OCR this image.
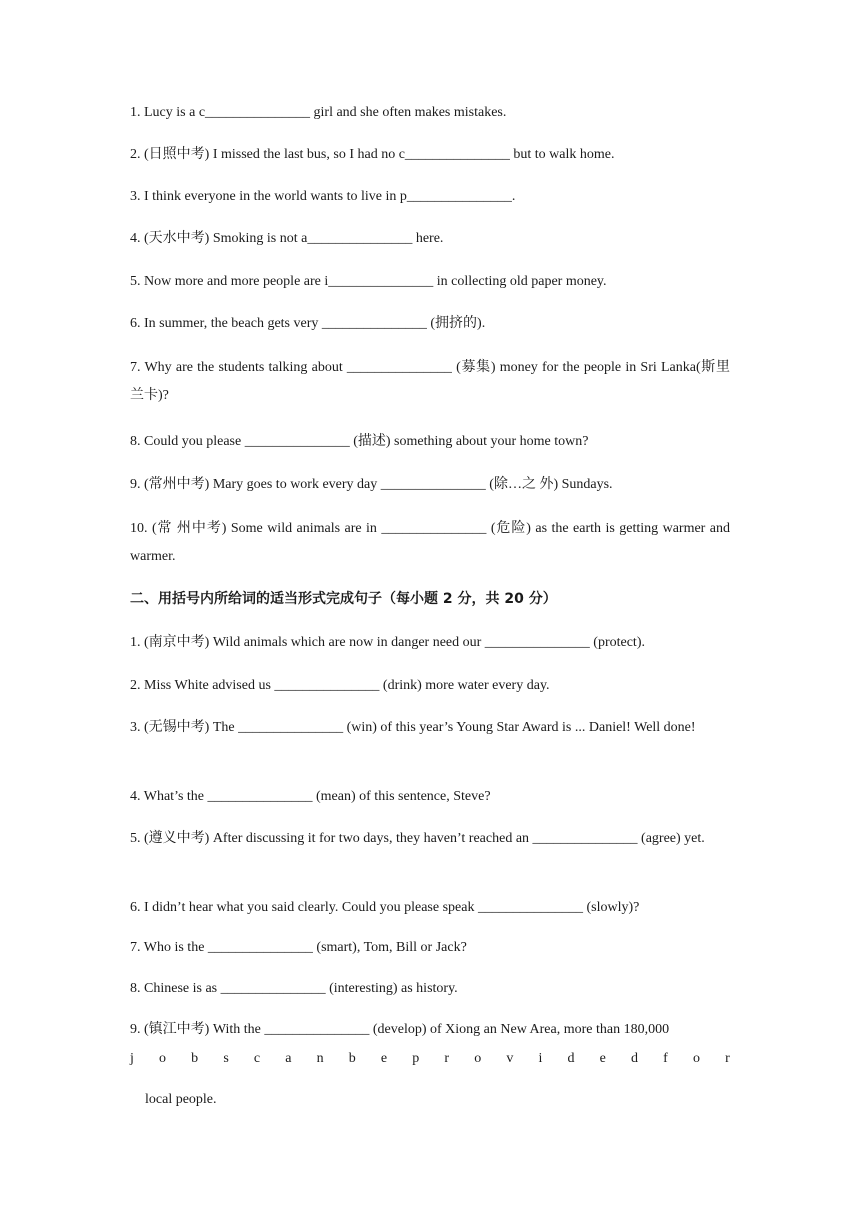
1. Lucy is a c_______________ girl and she often makes mistakes.
2. (日照中考) I missed the last bus, so I had no c_______________ but to walk home.
3. I think everyone in the world wants to live in p_______________.
4. (天水中考) Smoking is not a_______________ here.
5. Now more and more people are i_______________ in collecting old paper money.
6. In summer, the beach gets very _______________ (拥挤的).
7. Why are the students talking about _______________ (募集) money for the people in Sri Lanka(斯里兰卡)?
8. Could you please _______________ (描述) something about your home town?
9. (常州中考) Mary goes to work every day _______________ (除…之 外) Sundays.
10. (常 州中考) Some wild animals are in _______________ (危险) as the earth is getting warmer and warmer.
二、用括号内所给词的适当形式完成句子（每小题 2 分，共 20 分）
1. (南京中考) Wild animals which are now in danger need our _______________ (protect).
2. Miss White advised us _______________ (drink) more water every day.
3. (无锡中考) The _______________ (win) of this year’s Young Star Award is ... Daniel! Well done!
4. What’s the _______________ (mean) of this sentence, Steve?
5. (遵义中考) After discussing it for two days, they haven’t reached an _______________ (agree) yet.
6. I didn’t hear what you said clearly. Could you please speak _______________ (slowly)?
7. Who is the _______________ (smart), Tom, Bill or Jack?
8. Chinese is as _______________ (interesting) as history.
9. (镇江中考) With the _______________ (develop) of Xiong an New Area, more than 180,000
j o b s c a n b e p r o v i d e d f o r
local people.
